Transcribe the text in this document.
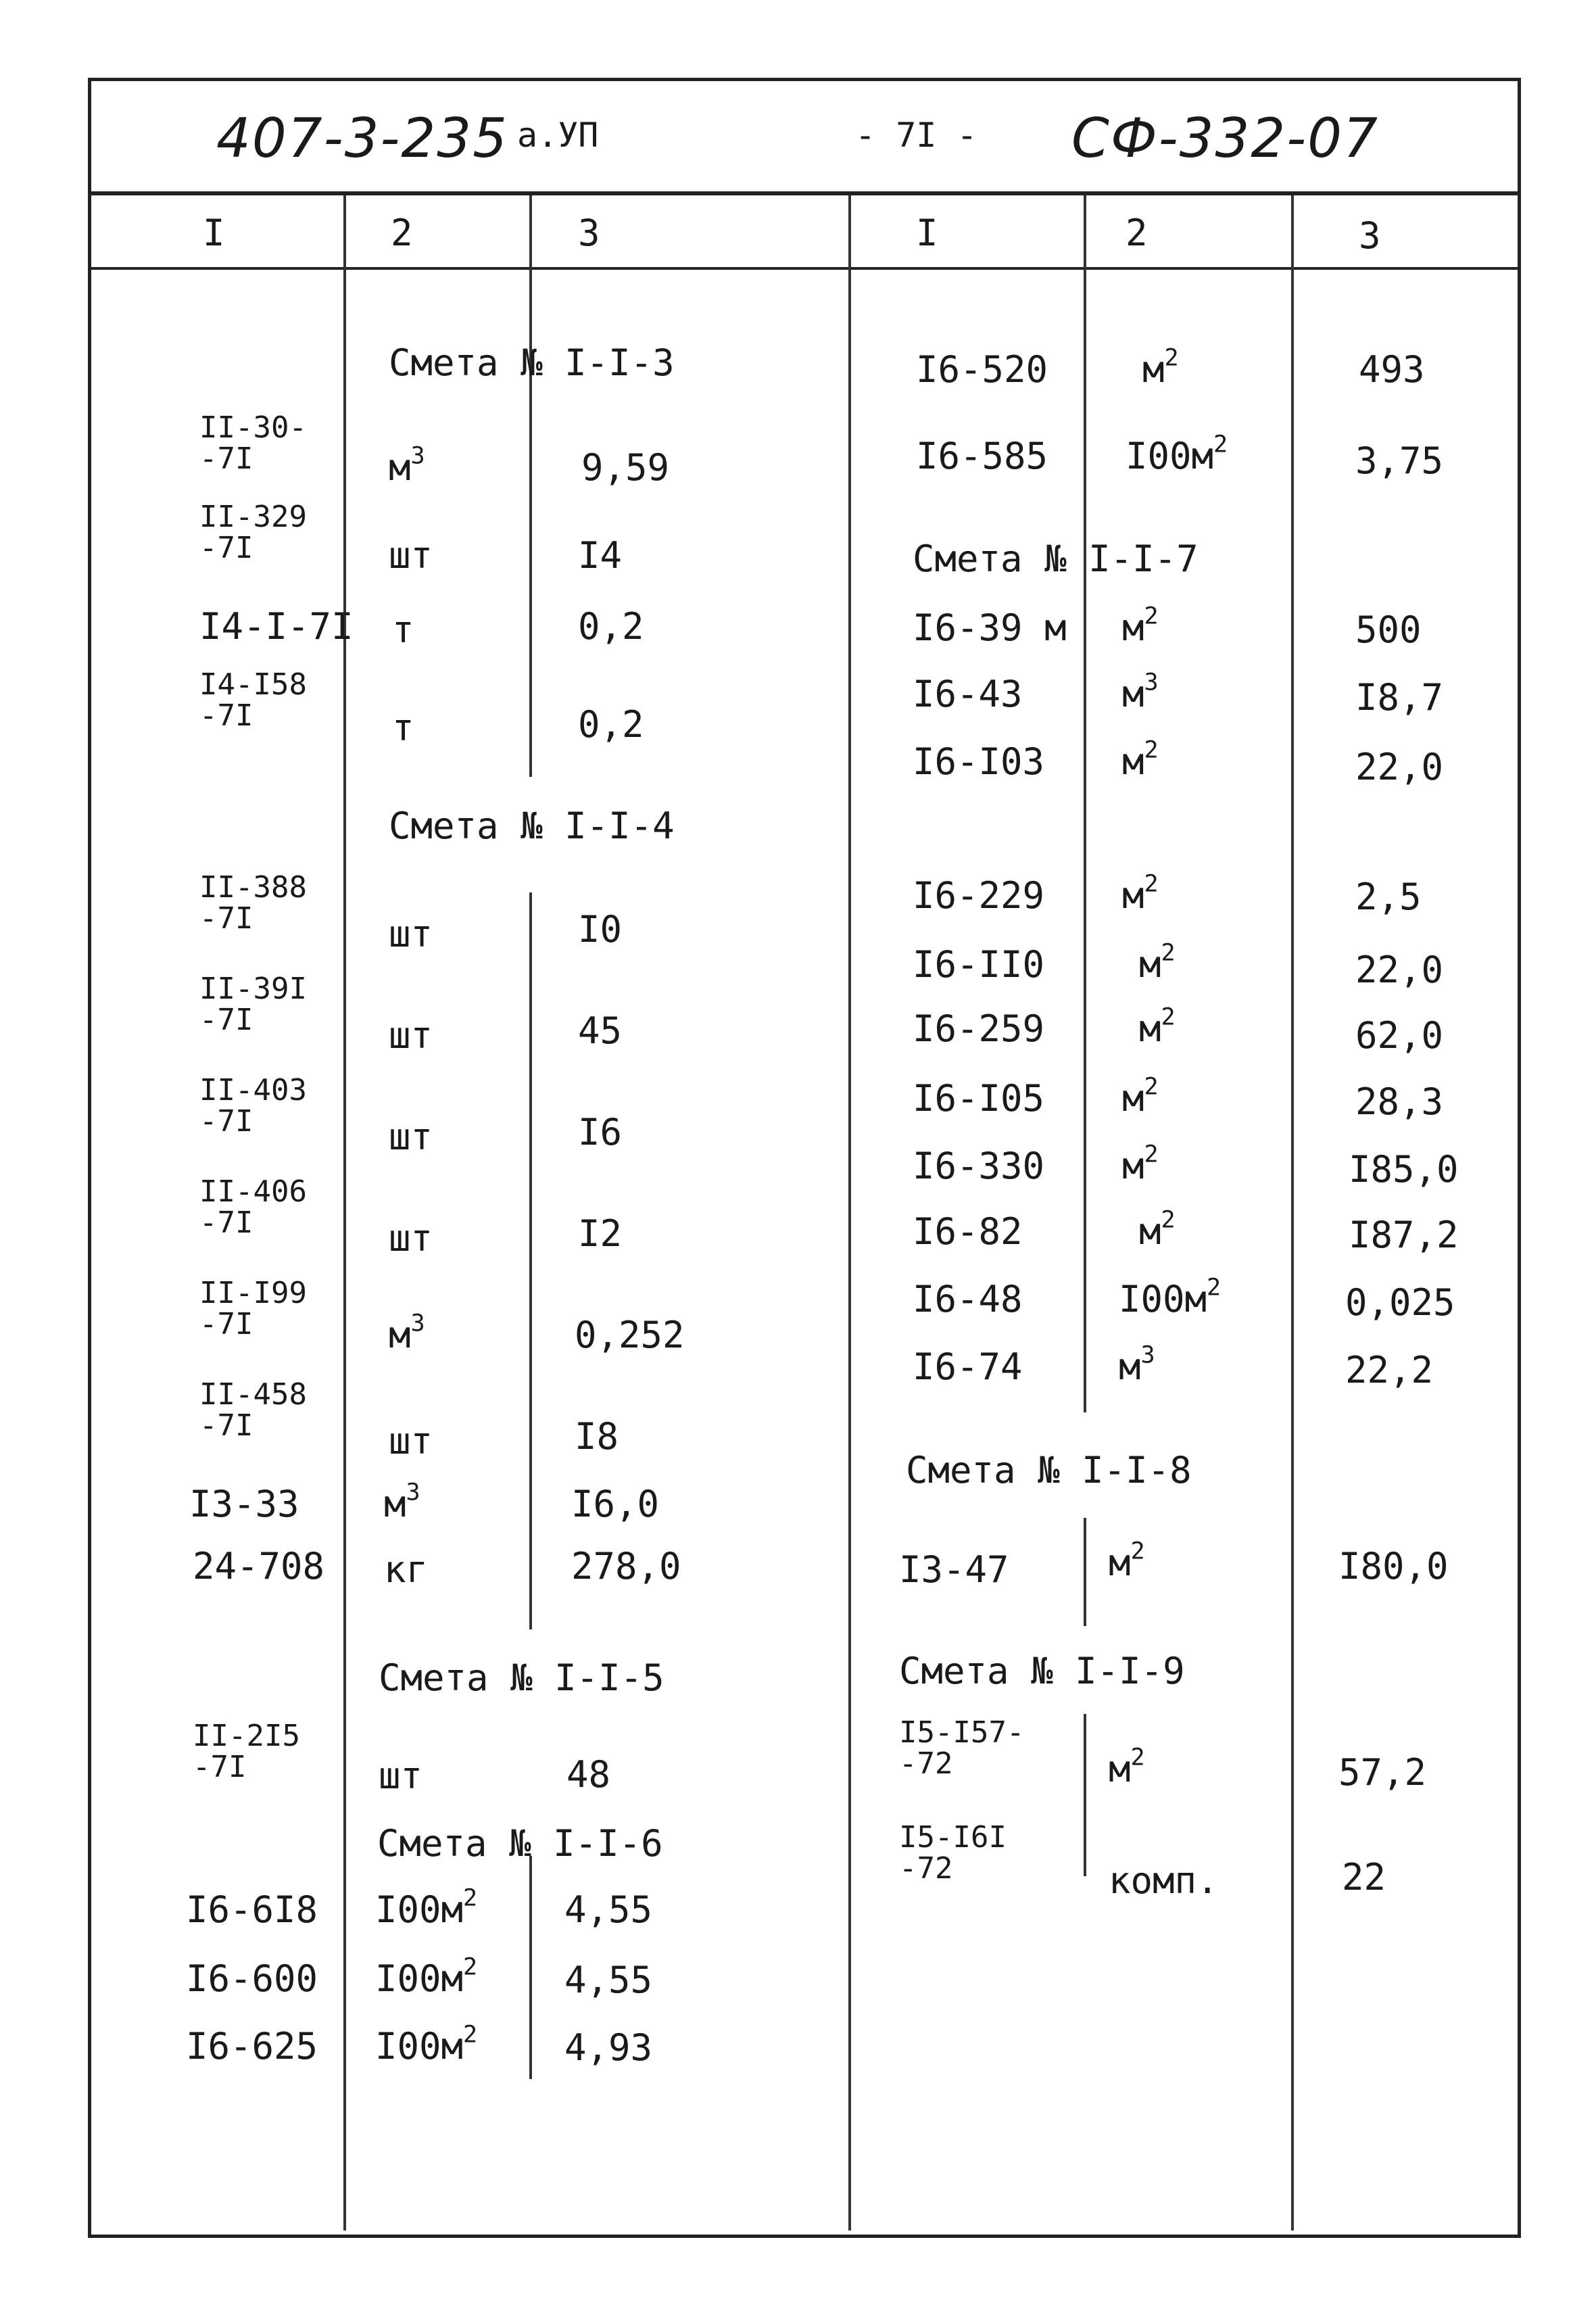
407-3-235 а.УП	- 7I - СФ-332-07
I	2	3	I	2	3
Смета № I-I-3
II-30-
-7I	$м^3$	9,59
II-329
-7I	шт	I4
I4-I-7I т	0,2
I4-I58
-7I	т	0,2
Смета № I-I-4
II-388
-7I	шт	I0
II-39I
-7I	шт	45
II-403
-7I	шт	I6
II-406
-7I	шт	I2
II-I99
-7I	$м^3$	0,252
II-458
-7I	шт	I8
I3-33 $м^3$	I6,0
24-708 кг	278,0
Смета № I-I-5
II-2I5
-7I	шт	48
Смета № I-I-6
I6-6I8 $I00м^2$ 4,55
I6-600 $I00м^2$ 4,55
I6-625 $I00м^2$ 4,93
I6-520	$м^2$	493
I6-585 $I00м^2$	3,75
Смета № I-I-7
I6-39 м $м^2$	500
I6-43	$м^3$	I8,7
I6-I03 $м^2$	22,0
I6-229 $м^2$	2,5
I6-II0	$м^2$	22,0
I6-259	$м^2$	62,0
I6-I05 $м^2$	28,3
I6-330 $м^2$	I85,0
I6-82	$м^2$	I87,2
I6-48	$I00м^2$	0,025
I6-74	$м^3$	22,2
Смета № I-I-8
I3-47	$м^2$	I80,0
Смета № I-I-9
I5-I57-
-72	$м^2$	57,2
I5-I6I
-72	комп.	22
